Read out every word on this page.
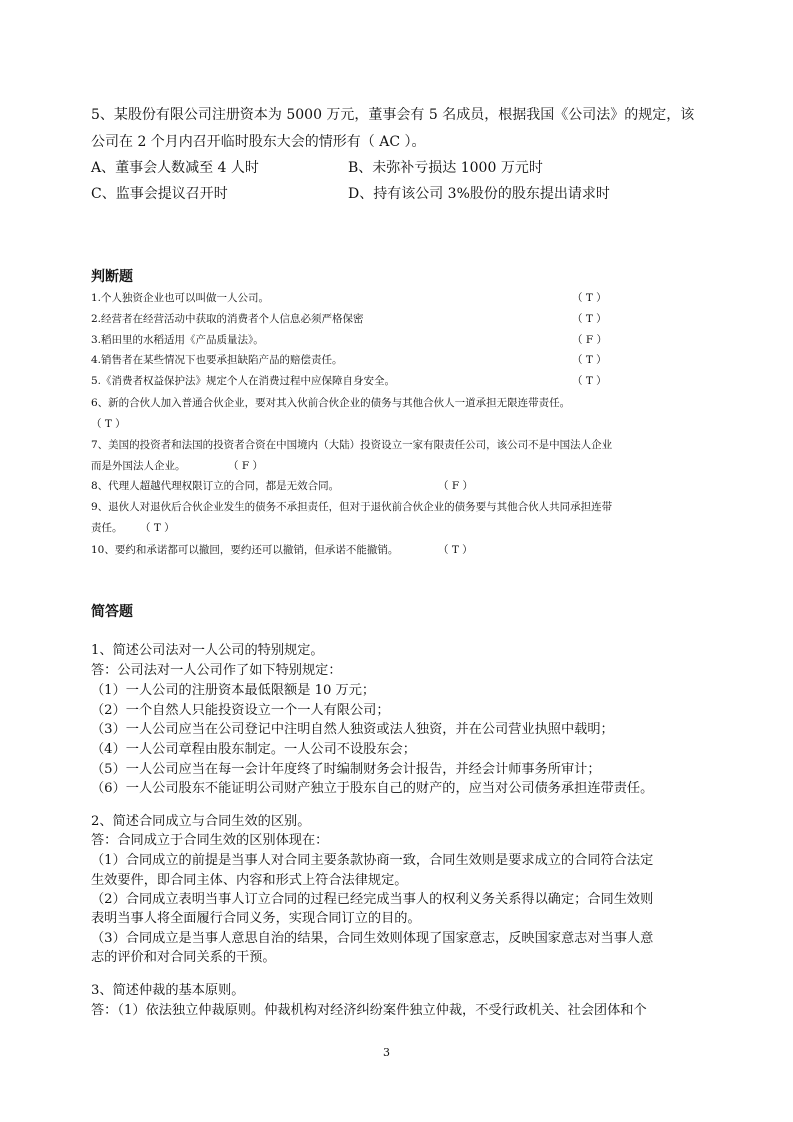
5、某股份有限公司注册资本为 5000 万元，董事会有 5 名成员，根据我国《公司法》的规定，该
公司在 2 个月内召开临时股东大会的情形有（ AC ）。
A、董事会人数减至 4 人时	B、未弥补亏损达 1000 万元时
C、监事会提议召开时	D、持有该公司 3%股份的股东提出请求时
判断题
1.个人独资企业也可以叫做一人公司。	（ T ）
2.经营者在经营活动中获取的消费者个人信息必须严格保密	（ T ）
3.稻田里的水稻适用《产品质量法》。	（ F ）
4.销售者在某些情况下也要承担缺陷产品的赔偿责任。	（ T ）
5.《消费者权益保护法》规定个人在消费过程中应保障自身安全。	（ T ）
6、新的合伙人加入普通合伙企业，要对其入伙前合伙企业的债务与其他合伙人一道承担无限连带责任。
（ T ）
7、美国的投资者和法国的投资者合资在中国境内（大陆）投资设立一家有限责任公司，该公司不是中国法人企业
而是外国法人企业。	（ F ）
8、代理人超越代理权限订立的合同，都是无效合同。	（ F ）
9、退伙人对退伙后合伙企业发生的债务不承担责任，但对于退伙前合伙企业的债务要与其他合伙人共同承担连带
责任。 （ T ）
10、要约和承诺都可以撤回，要约还可以撤销，但承诺不能撤销。	（ T ）
简答题
1、简述公司法对一人公司的特别规定。
答：公司法对一人公司作了如下特别规定：
（1）一人公司的注册资本最低限额是 10 万元；
（2）一个自然人只能投资设立一个一人有限公司；
（3）一人公司应当在公司登记中注明自然人独资或法人独资，并在公司营业执照中载明；
（4）一人公司章程由股东制定。一人公司不设股东会；
（5）一人公司应当在每一会计年度终了时编制财务会计报告，并经会计师事务所审计；
（6）一人公司股东不能证明公司财产独立于股东自己的财产的，应当对公司债务承担连带责任。
2、简述合同成立与合同生效的区别。
答：合同成立于合同生效的区别体现在：
（1）合同成立的前提是当事人对合同主要条款协商一致，合同生效则是要求成立的合同符合法定
生效要件，即合同主体、内容和形式上符合法律规定。
（2）合同成立表明当事人订立合同的过程已经完成当事人的权利义务关系得以确定；合同生效则
表明当事人将全面履行合同义务，实现合同订立的目的。
（3）合同成立是当事人意思自治的结果，合同生效则体现了国家意志，反映国家意志对当事人意
志的评价和对合同关系的干预。
3、简述仲裁的基本原则。
答：（1）依法独立仲裁原则。仲裁机构对经济纠纷案件独立仲裁，不受行政机关、社会团体和个
3
